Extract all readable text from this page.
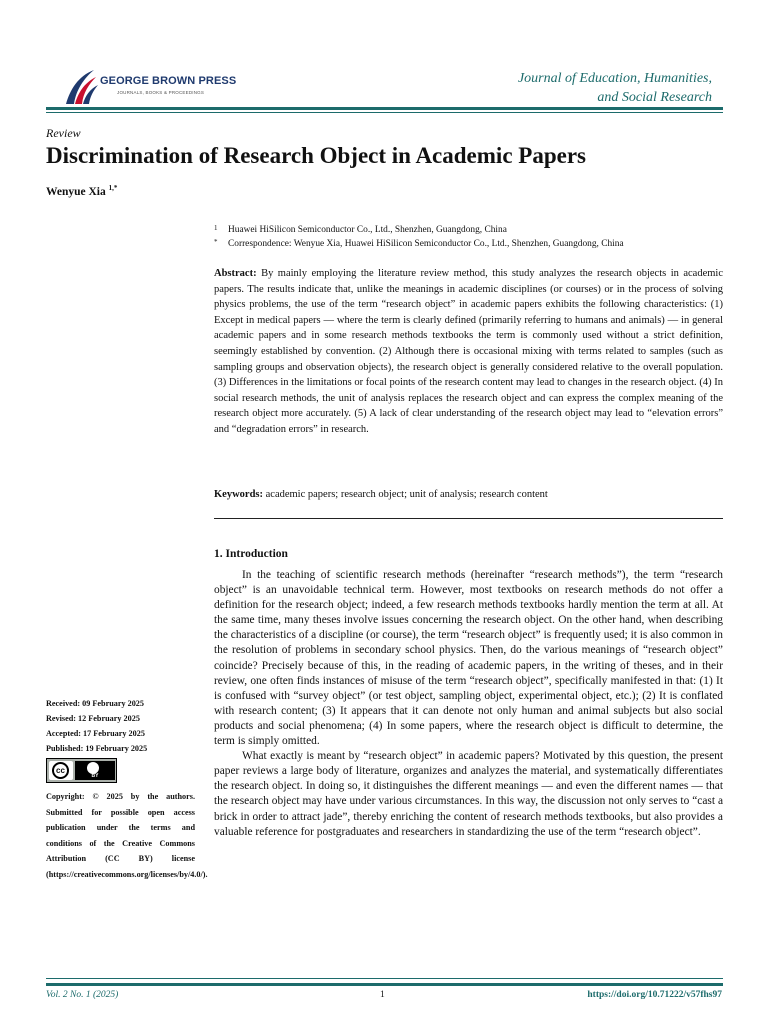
GEORGE BROWN PRESS
JOURNALS, BOOKS & PROCEEDINGS
Journal of Education, Humanities,
and Social Research
Review
Discrimination of Research Object in Academic Papers
Wenyue Xia $^{1,*}$
1 Huawei HiSilicon Semiconductor Co., Ltd., Shenzhen, Guangdong, China
* Correspondence: Wenyue Xia, Huawei HiSilicon Semiconductor Co., Ltd., Shenzhen, Guangdong, China
Abstract: By mainly employing the literature review method, this study analyzes the research objects in academic papers. The results indicate that, unlike the meanings in academic disciplines (or courses) or in the process of solving physics problems, the use of the term “research object” in academic papers exhibits the following characteristics: (1) Except in medical papers — where the term is clearly defined (primarily referring to humans and animals) — in general academic papers and in some research methods textbooks the term is commonly used without a strict definition, seemingly established by convention. (2) Although there is occasional mixing with terms related to samples (such as sampling groups and observation objects), the research object is generally considered relative to the overall population. (3) Differences in the limitations or focal points of the research content may lead to changes in the research object. (4) In social research methods, the unit of analysis replaces the research object and can express the complex meaning of the research object more accurately. (5) A lack of clear understanding of the research object may lead to “elevation errors” and “degradation errors” in research.
Keywords: academic papers; research object; unit of analysis; research content
1. Introduction

In the teaching of scientific research methods (hereinafter “research methods”), the term “research object” is an unavoidable technical term. However, most textbooks on research methods do not offer a definition for the research object; indeed, a few research methods textbooks hardly mention the term at all. At the same time, many theses involve issues concerning the research object. On the other hand, when describing the characteristics of a discipline (or course), the term “research object” is frequently used; it is also common in the resolution of problems in secondary school physics. Then, do the various meanings of “research object” coincide? Precisely because of this, in the reading of academic papers, in the writing of theses, and in their review, one often finds instances of misuse of the term “research object”, specifically manifested in that: (1) It is confused with “survey object” (or test object, sampling object, experimental object, etc.); (2) It is conflated with research content; (3) It appears that it can denote not only human and animal subjects but also social products and social phenomena; (4) In some papers, where the research object is difficult to determine, the term is simply omitted.

What exactly is meant by “research object” in academic papers? Motivated by this question, the present paper reviews a large body of literature, organizes and analyzes the material, and systematically differentiates the research object. In doing so, it distinguishes the different meanings — and even the different names — that the research object may have under various circumstances. In this way, the discussion not only serves to “cast a brick in order to attract jade”, thereby enriching the content of research methods textbooks, but also provides a valuable reference for postgraduates and researchers in standardizing the use of the term “research object”.

Received: 09 February 2025
Revised: 12 February 2025
Accepted: 17 February 2025
Published: 19 February 2025
cc
BY
Copyright: © 2025 by the authors. Submitted for possible open access publication under the terms and conditions of the Creative Commons Attribution (CC BY) license (https://creativecommons.org/licenses/by/4.0/).
Vol. 2 No. 1 (2025)	1	https://doi.org/10.71222/v57fhs97
